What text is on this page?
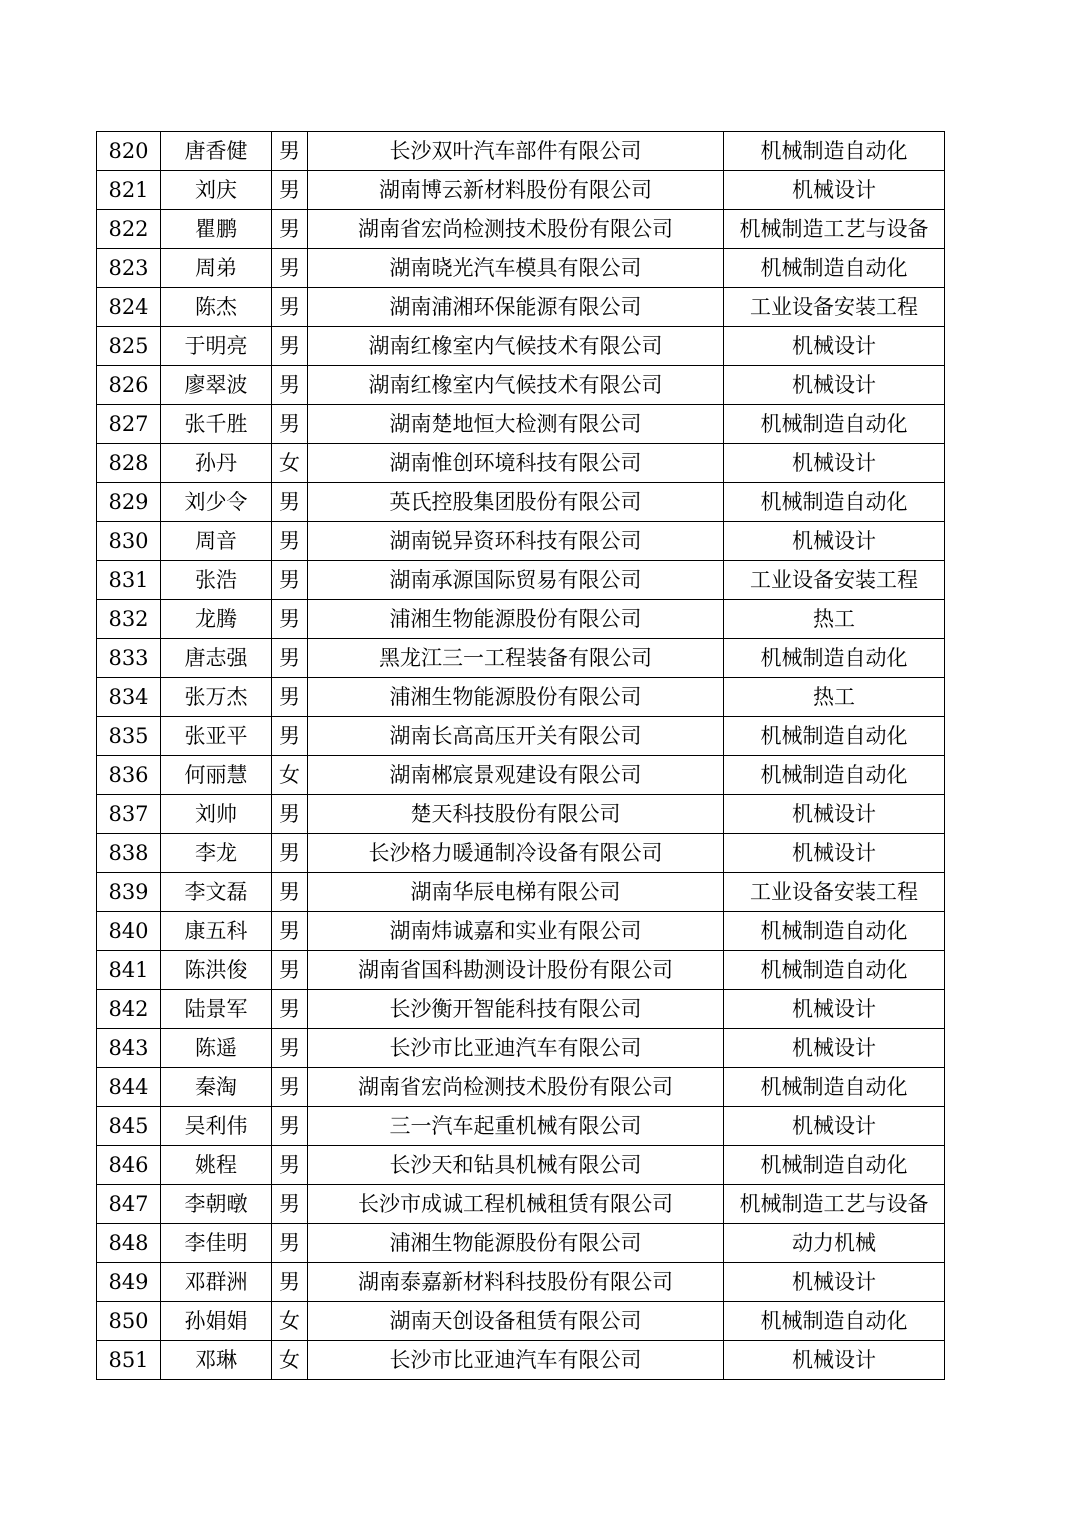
820	唐香健	男	长沙双叶汽车部件有限公司	机械制造自动化
821	刘庆	男	湖南博云新材料股份有限公司	机械设计
822	瞿鹏	男	湖南省宏尚检测技术股份有限公司	机械制造工艺与设备
823	周弟	男	湖南晓光汽车模具有限公司	机械制造自动化
824	陈杰	男	湖南浦湘环保能源有限公司	工业设备安装工程
825	于明亮	男	湖南红橡室内气候技术有限公司	机械设计
826	廖翠波	男	湖南红橡室内气候技术有限公司	机械设计
827	张千胜	男	湖南楚地恒大检测有限公司	机械制造自动化
828	孙丹	女	湖南惟创环境科技有限公司	机械设计
829	刘少令	男	英氏控股集团股份有限公司	机械制造自动化
830	周音	男	湖南锐异资环科技有限公司	机械设计
831	张浩	男	湖南承源国际贸易有限公司	工业设备安装工程
832	龙腾	男	浦湘生物能源股份有限公司	热工
833	唐志强	男	黑龙江三一工程装备有限公司	机械制造自动化
834	张万杰	男	浦湘生物能源股份有限公司	热工
835	张亚平	男	湖南长高高压开关有限公司	机械制造自动化
836	何丽慧	女	湖南郴宸景观建设有限公司	机械制造自动化
837	刘帅	男	楚天科技股份有限公司	机械设计
838	李龙	男	长沙格力暖通制冷设备有限公司	机械设计
839	李文磊	男	湖南华辰电梯有限公司	工业设备安装工程
840	康五科	男	湖南炜诚嘉和实业有限公司	机械制造自动化
841	陈洪俊	男	湖南省国科勘测设计股份有限公司	机械制造自动化
842	陆景军	男	长沙衡开智能科技有限公司	机械设计
843	陈遥	男	长沙市比亚迪汽车有限公司	机械设计
844	秦淘	男	湖南省宏尚检测技术股份有限公司	机械制造自动化
845	吴利伟	男	三一汽车起重机械有限公司	机械设计
846	姚程	男	长沙天和钻具机械有限公司	机械制造自动化
847	李朝暾	男	长沙市成诚工程机械租赁有限公司	机械制造工艺与设备
848	李佳明	男	浦湘生物能源股份有限公司	动力机械
849	邓群洲	男	湖南泰嘉新材料科技股份有限公司	机械设计
850	孙娟娟	女	湖南天创设备租赁有限公司	机械制造自动化
851	邓琳	女	长沙市比亚迪汽车有限公司	机械设计
